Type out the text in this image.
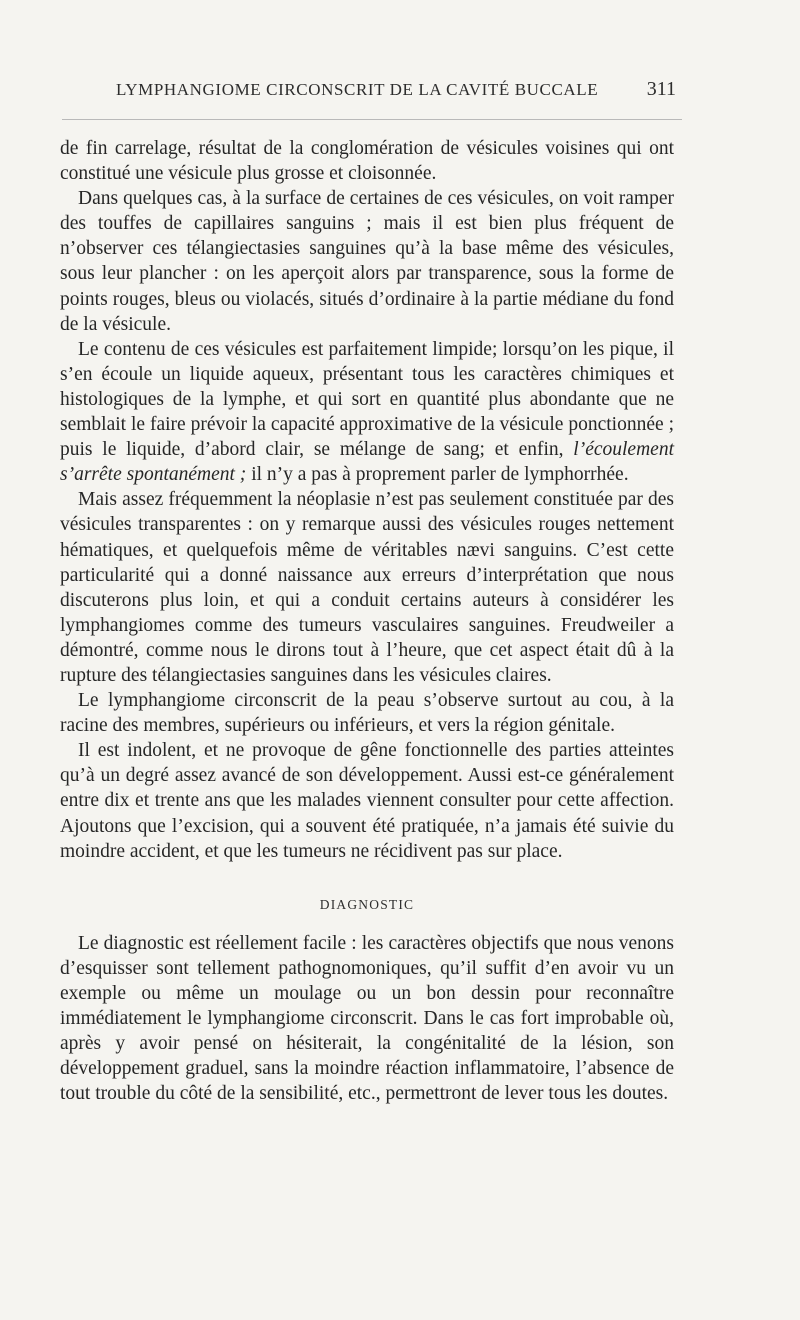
LYMPHANGIOME CIRCONSCRIT DE LA CAVITÉ BUCCALE 311

de fin carrelage, résultat de la conglomération de vésicules voisines qui ont constitué une vésicule plus grosse et cloisonnée.

Dans quelques cas, à la surface de certaines de ces vésicules, on voit ramper des touffes de capillaires sanguins ; mais il est bien plus fréquent de n’observer ces télangiectasies sanguines qu’à la base même des vésicules, sous leur plancher : on les aperçoit alors par transparence, sous la forme de points rouges, bleus ou violacés, situés d’ordinaire à la partie médiane du fond de la vésicule.

Le contenu de ces vésicules est parfaitement limpide; lorsqu’on les pique, il s’en écoule un liquide aqueux, présentant tous les caractères chimiques et histologiques de la lymphe, et qui sort en quantité plus abondante que ne semblait le faire prévoir la capacité approximative de la vésicule ponctionnée ; puis le liquide, d’abord clair, se mélange de sang; et enfin, l’écoulement s’arrête spontanément ; il n’y a pas à proprement parler de lymphorrhée.

Mais assez fréquemment la néoplasie n’est pas seulement constituée par des vésicules transparentes : on y remarque aussi des vésicules rouges nettement hématiques, et quelquefois même de véritables nævi sanguins. C’est cette particularité qui a donné naissance aux erreurs d’interprétation que nous discuterons plus loin, et qui a conduit certains auteurs à considérer les lymphangiomes comme des tumeurs vasculaires sanguines. Freudweiler a démontré, comme nous le dirons tout à l’heure, que cet aspect était dû à la rupture des télangiectasies sanguines dans les vésicules claires.

Le lymphangiome circonscrit de la peau s’observe surtout au cou, à la racine des membres, supérieurs ou inférieurs, et vers la région génitale.

Il est indolent, et ne provoque de gêne fonctionnelle des parties atteintes qu’à un degré assez avancé de son développement. Aussi est-ce généralement entre dix et trente ans que les malades viennent consulter pour cette affection. Ajoutons que l’excision, qui a souvent été pratiquée, n’a jamais été suivie du moindre accident, et que les tumeurs ne récidivent pas sur place.

DIAGNOSTIC

Le diagnostic est réellement facile : les caractères objectifs que nous venons d’esquisser sont tellement pathognomoniques, qu’il suffit d’en avoir vu un exemple ou même un moulage ou un bon dessin pour reconnaître immédiatement le lymphangiome circonscrit. Dans le cas fort improbable où, après y avoir pensé on hésiterait, la congénitalité de la lésion, son développement graduel, sans la moindre réaction inflammatoire, l’absence de tout trouble du côté de la sensibilité, etc., permettront de lever tous les doutes.
